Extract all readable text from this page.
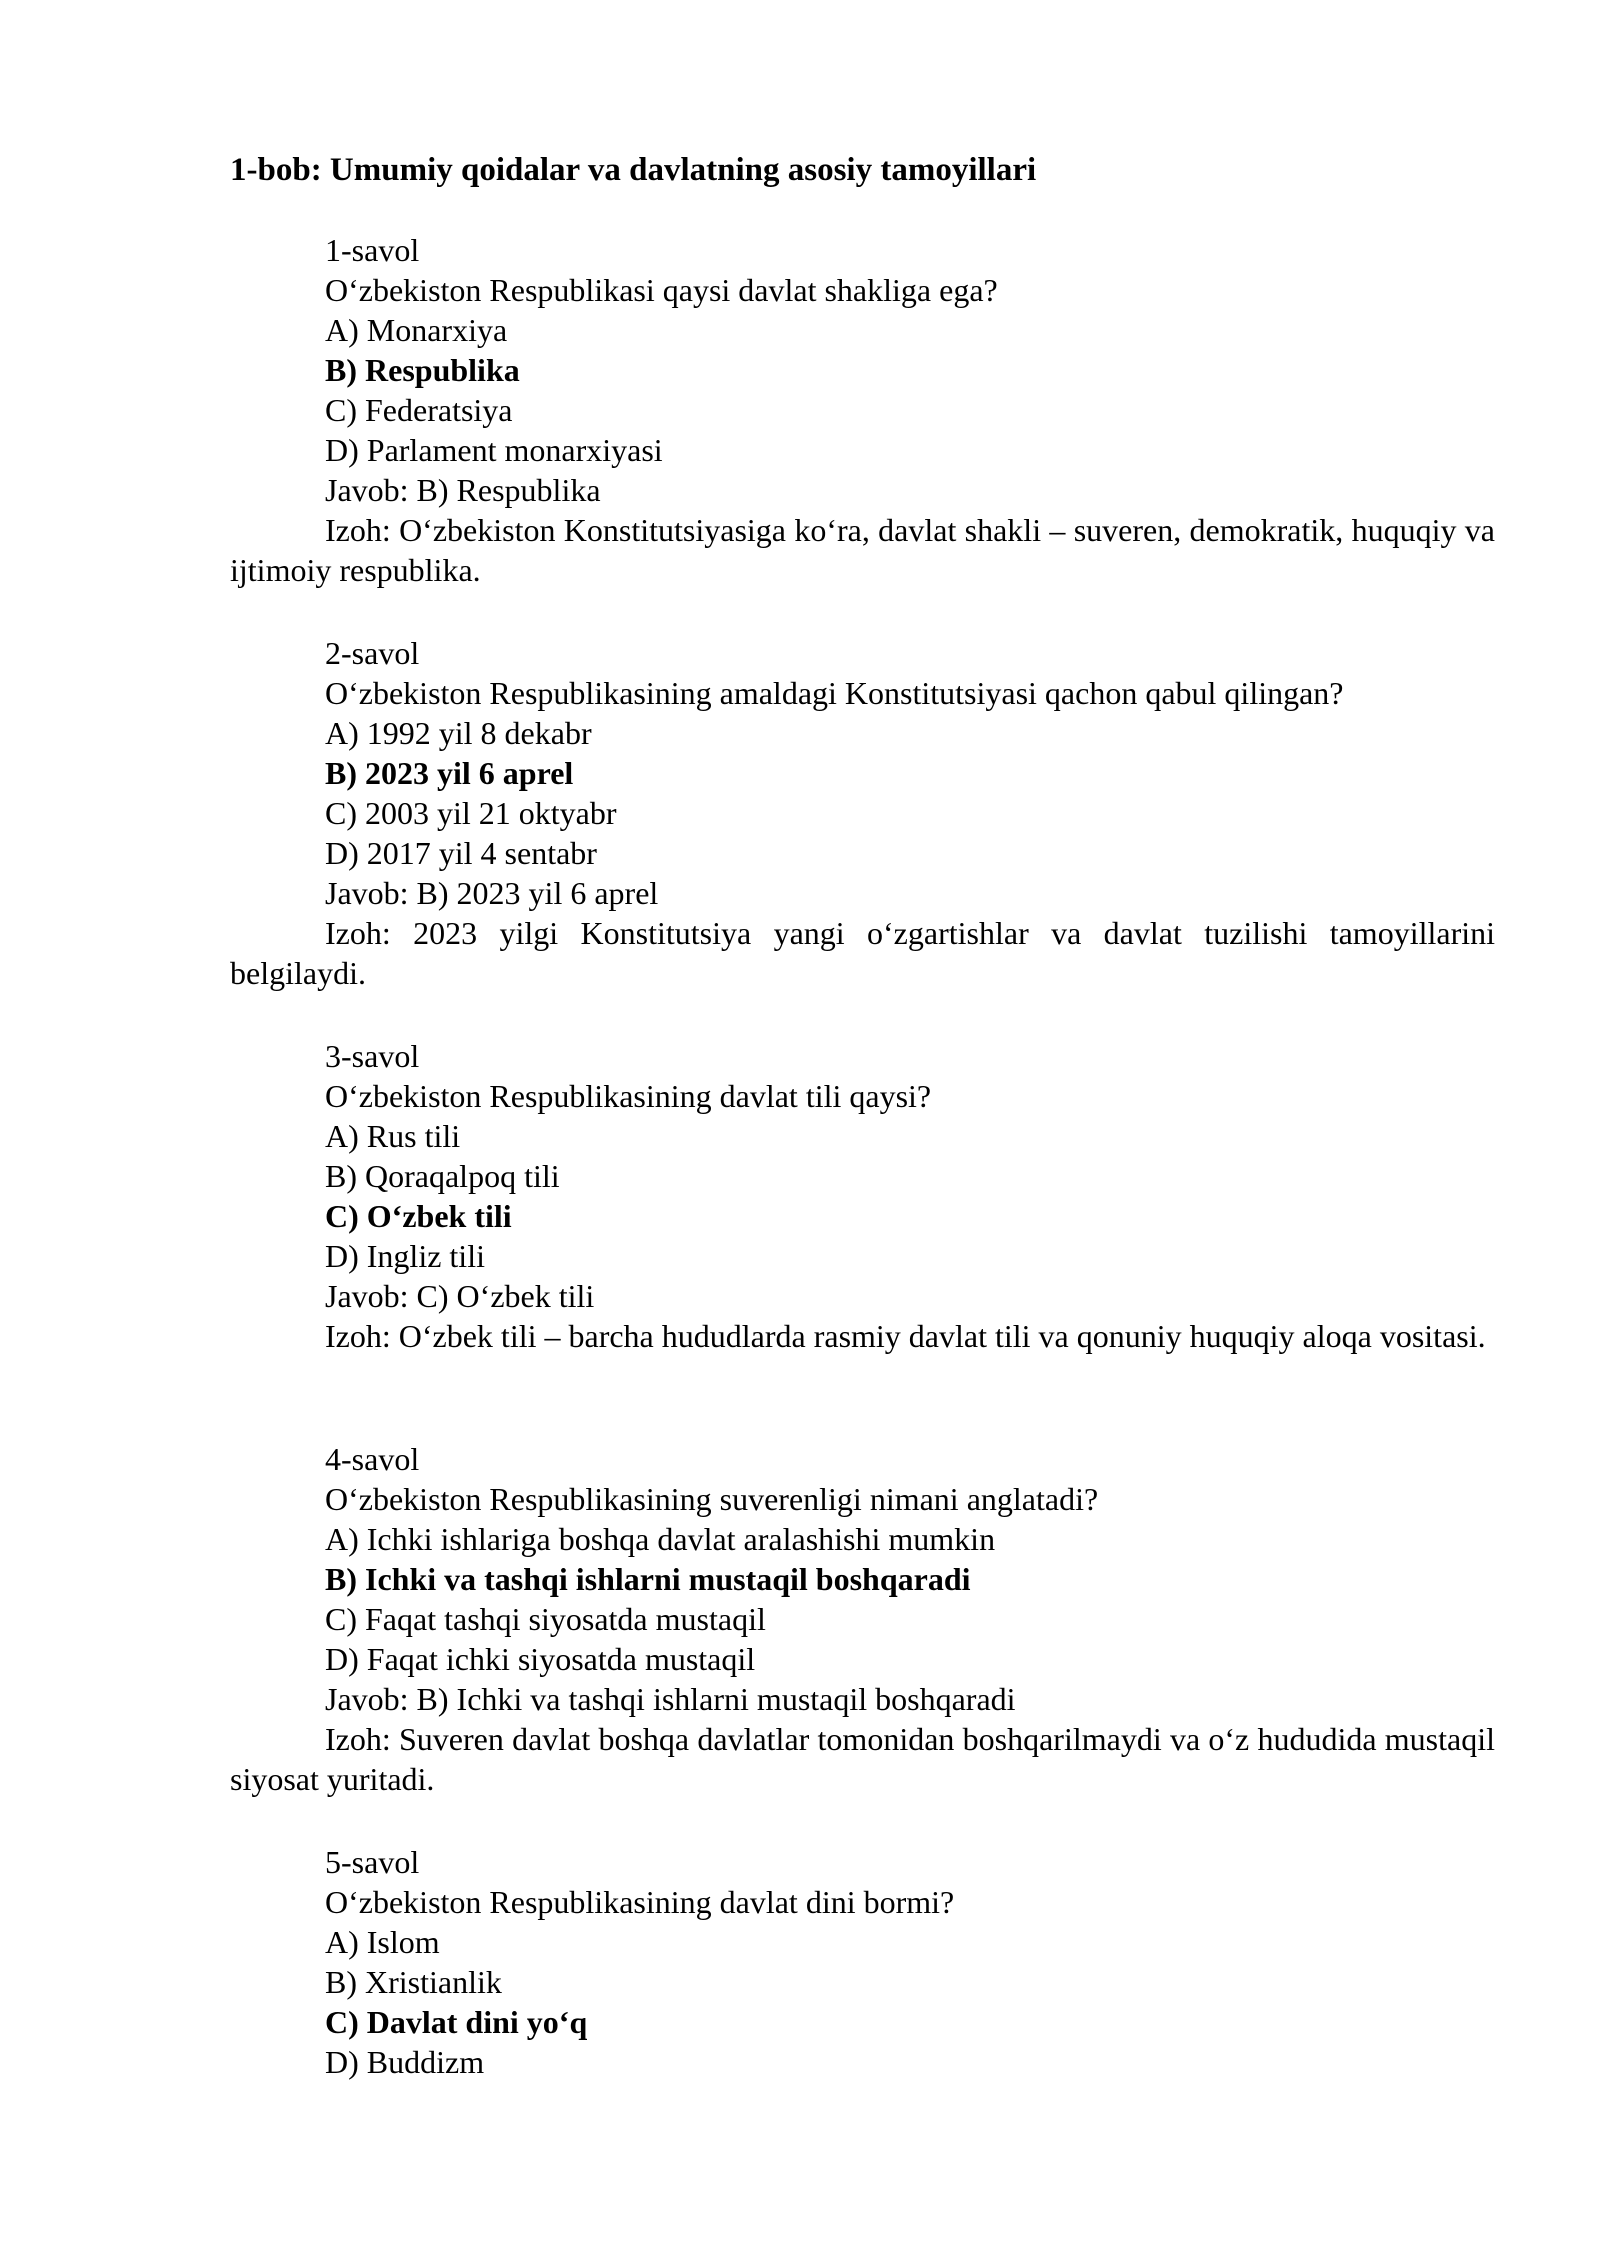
1-bob: Umumiy qoidalar va davlatning asosiy tamoyillari
1-savol
O‘zbekiston Respublikasi qaysi davlat shakliga ega?
A) Monarxiya
B) Respublika
C) Federatsiya
D) Parlament monarxiyasi
Javob: B) Respublika
Izoh: O‘zbekiston Konstitutsiyasiga ko‘ra, davlat shakli – suveren, demokratik, huquqiy va ijtimoiy respublika.
2-savol
O‘zbekiston Respublikasining amaldagi Konstitutsiyasi qachon qabul qilingan?
A) 1992 yil 8 dekabr
B) 2023 yil 6 aprel
C) 2003 yil 21 oktyabr
D) 2017 yil 4 sentabr
Javob: B) 2023 yil 6 aprel
Izoh: 2023 yilgi Konstitutsiya yangi o‘zgartishlar va davlat tuzilishi tamoyillarini belgilaydi.
3-savol
O‘zbekiston Respublikasining davlat tili qaysi?
A) Rus tili
B) Qoraqalpoq tili
C) O‘zbek tili
D) Ingliz tili
Javob: C) O‘zbek tili
Izoh: O‘zbek tili – barcha hududlarda rasmiy davlat tili va qonuniy huquqiy aloqa vositasi.
4-savol
O‘zbekiston Respublikasining suverenligi nimani anglatadi?
A) Ichki ishlariga boshqa davlat aralashishi mumkin
B) Ichki va tashqi ishlarni mustaqil boshqaradi
C) Faqat tashqi siyosatda mustaqil
D) Faqat ichki siyosatda mustaqil
Javob: B) Ichki va tashqi ishlarni mustaqil boshqaradi
Izoh: Suveren davlat boshqa davlatlar tomonidan boshqarilmaydi va o‘z hududida mustaqil siyosat yuritadi.
5-savol
O‘zbekiston Respublikasining davlat dini bormi?
A) Islom
B) Xristianlik
C) Davlat dini yo‘q
D) Buddizm
